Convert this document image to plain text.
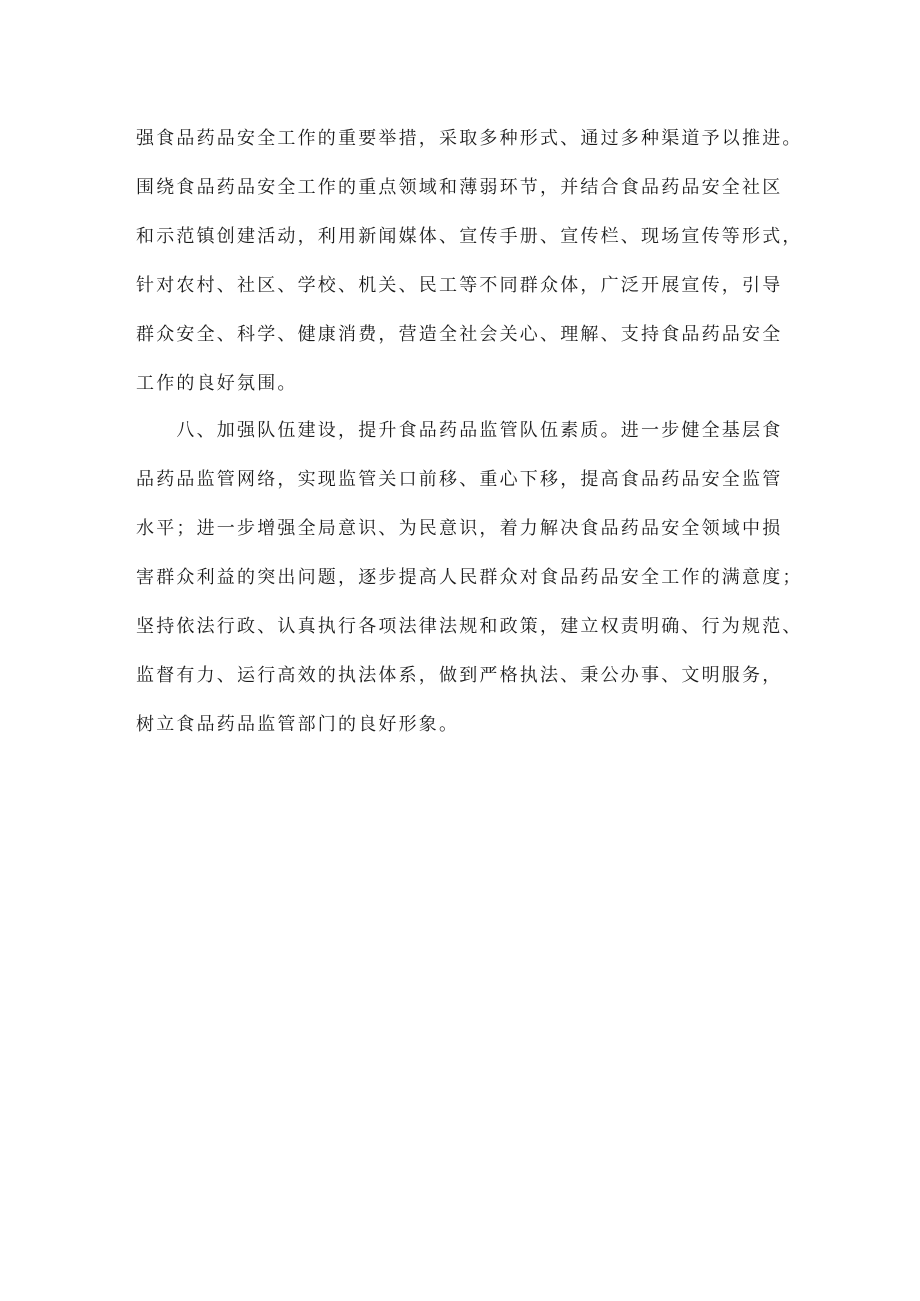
强食品药品安全工作的重要举措，采取多种形式、通过多种渠道予以推进。
围绕食品药品安全工作的重点领域和薄弱环节，并结合食品药品安全社区
和示范镇创建活动，利用新闻媒体、宣传手册、宣传栏、现场宣传等形式，
针对农村、社区、学校、机关、民工等不同群众体，广泛开展宣传，引导
群众安全、科学、健康消费，营造全社会关心、理解、支持食品药品安全
工作的良好氛围。
　　八、加强队伍建设，提升食品药品监管队伍素质。进一步健全基层食
品药品监管网络，实现监管关口前移、重心下移，提高食品药品安全监管
水平；进一步增强全局意识、为民意识，着力解决食品药品安全领域中损
害群众利益的突出问题，逐步提高人民群众对食品药品安全工作的满意度；
坚持依法行政、认真执行各项法律法规和政策，建立权责明确、行为规范、
监督有力、运行高效的执法体系，做到严格执法、秉公办事、文明服务，
树立食品药品监管部门的良好形象。
